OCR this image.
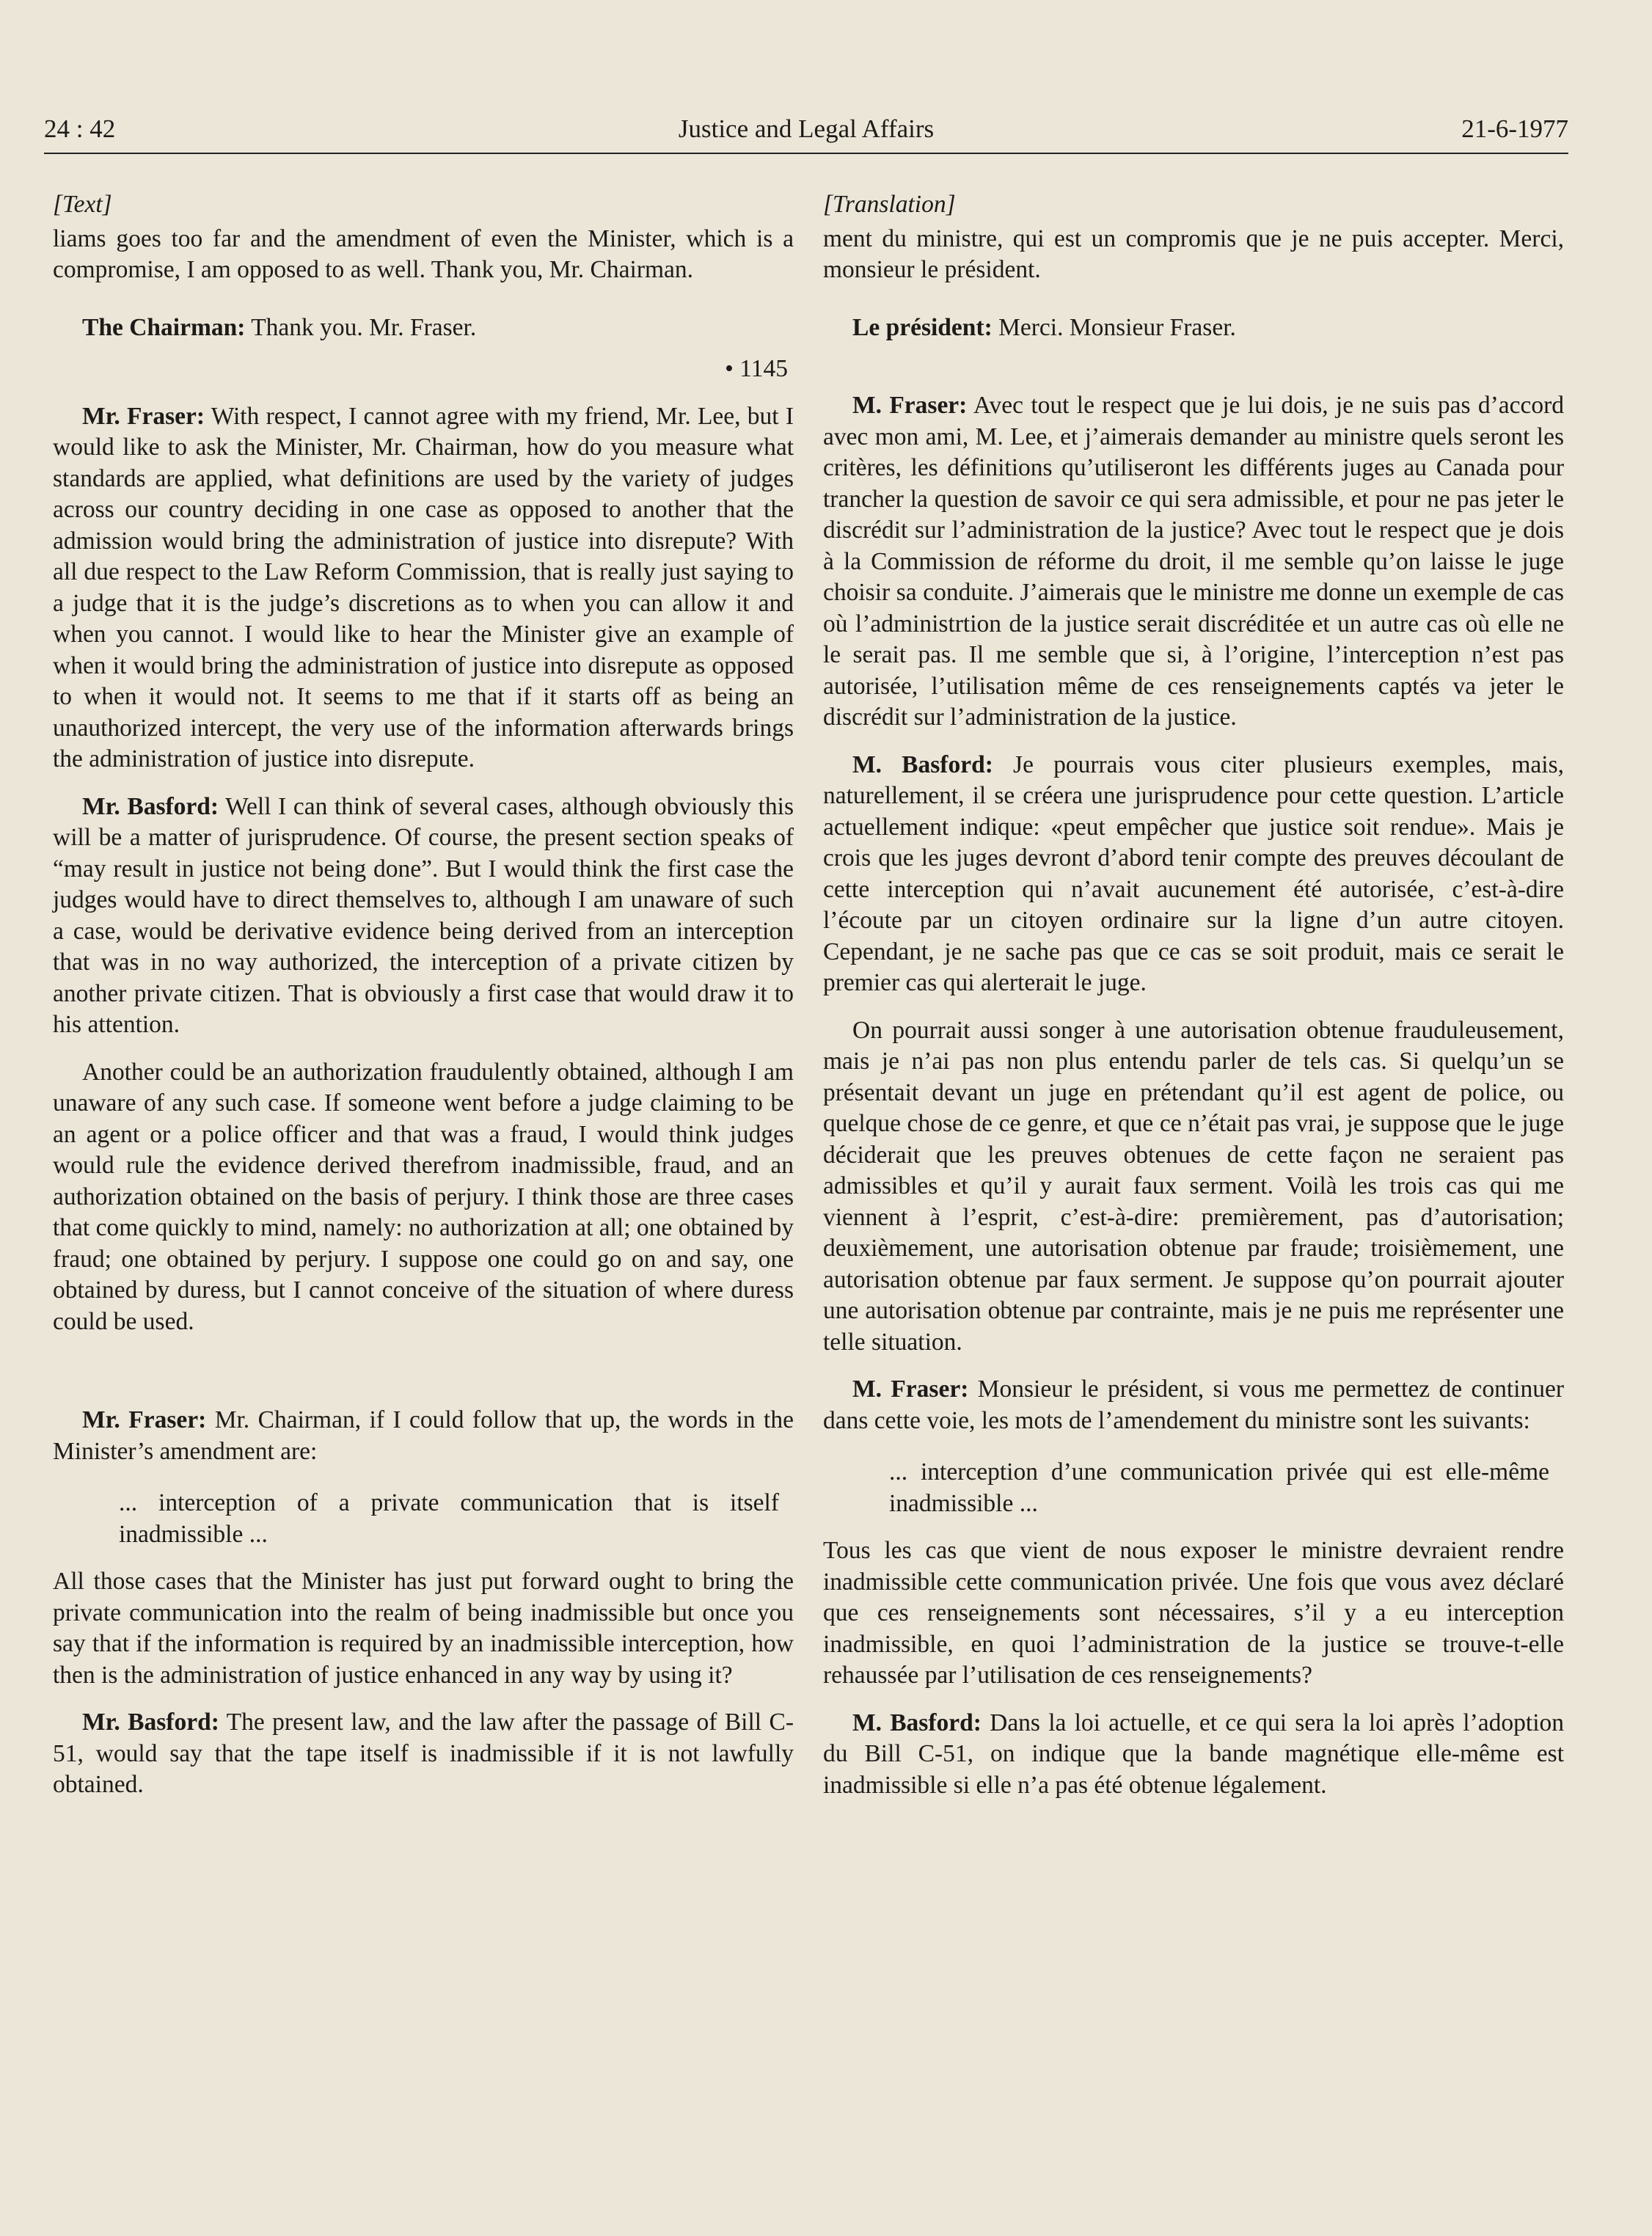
24 : 42	Justice and Legal Affairs	21-6-1977

[Text]

liams goes too far and the amendment of even the Minister, which is a compromise, I am opposed to as well. Thank you, Mr. Chairman.

The Chairman: Thank you. Mr. Fraser.

• 1145

Mr. Fraser: With respect, I cannot agree with my friend, Mr. Lee, but I would like to ask the Minister, Mr. Chairman, how do you measure what standards are applied, what definitions are used by the variety of judges across our country deciding in one case as opposed to another that the admission would bring the administration of justice into disrepute? With all due respect to the Law Reform Commission, that is really just saying to a judge that it is the judge’s discretions as to when you can allow it and when you cannot. I would like to hear the Minister give an example of when it would bring the administration of justice into disrepute as opposed to when it would not. It seems to me that if it starts off as being an unauthorized intercept, the very use of the information afterwards brings the administration of justice into disrepute.

Mr. Basford: Well I can think of several cases, although obviously this will be a matter of jurisprudence. Of course, the present section speaks of “may result in justice not being done”. But I would think the first case the judges would have to direct themselves to, although I am unaware of such a case, would be derivative evidence being derived from an interception that was in no way authorized, the interception of a private citizen by another private citizen. That is obviously a first case that would draw it to his attention.

Another could be an authorization fraudulently obtained, although I am unaware of any such case. If someone went before a judge claiming to be an agent or a police officer and that was a fraud, I would think judges would rule the evidence derived therefrom inadmissible, fraud, and an authorization obtained on the basis of perjury. I think those are three cases that come quickly to mind, namely: no authorization at all; one obtained by fraud; one obtained by perjury. I suppose one could go on and say, one obtained by duress, but I cannot conceive of the situation of where duress could be used.

Mr. Fraser: Mr. Chairman, if I could follow that up, the words in the Minister’s amendment are:

... interception of a private communication that is itself inadmissible ...

All those cases that the Minister has just put forward ought to bring the private communication into the realm of being inadmissible but once you say that if the information is required by an inadmissible interception, how then is the administration of justice enhanced in any way by using it?

Mr. Basford: The present law, and the law after the passage of Bill C-51, would say that the tape itself is inadmissible if it is not lawfully obtained.

[Translation]

ment du ministre, qui est un compromis que je ne puis accepter. Merci, monsieur le président.

Le président: Merci. Monsieur Fraser.

M. Fraser: Avec tout le respect que je lui dois, je ne suis pas d’accord avec mon ami, M. Lee, et j’aimerais demander au ministre quels seront les critères, les définitions qu’utiliseront les différents juges au Canada pour trancher la question de savoir ce qui sera admissible, et pour ne pas jeter le discrédit sur l’administration de la justice? Avec tout le respect que je dois à la Commission de réforme du droit, il me semble qu’on laisse le juge choisir sa conduite. J’aimerais que le ministre me donne un exemple de cas où l’administrtion de la justice serait discréditée et un autre cas où elle ne le serait pas. Il me semble que si, à l’origine, l’interception n’est pas autorisée, l’utilisation même de ces renseignements captés va jeter le discrédit sur l’administration de la justice.

M. Basford: Je pourrais vous citer plusieurs exemples, mais, naturellement, il se créera une jurisprudence pour cette question. L’article actuellement indique: «peut empêcher que justice soit rendue». Mais je crois que les juges devront d’abord tenir compte des preuves découlant de cette interception qui n’avait aucunement été autorisée, c’est-à-dire l’écoute par un citoyen ordinaire sur la ligne d’un autre citoyen. Cependant, je ne sache pas que ce cas se soit produit, mais ce serait le premier cas qui alerterait le juge.

On pourrait aussi songer à une autorisation obtenue frauduleusement, mais je n’ai pas non plus entendu parler de tels cas. Si quelqu’un se présentait devant un juge en prétendant qu’il est agent de police, ou quelque chose de ce genre, et que ce n’était pas vrai, je suppose que le juge déciderait que les preuves obtenues de cette façon ne seraient pas admissibles et qu’il y aurait faux serment. Voilà les trois cas qui me viennent à l’esprit, c’est-à-dire: premièrement, pas d’autorisation; deuxièmement, une autorisation obtenue par fraude; troisièmement, une autorisation obtenue par faux serment. Je suppose qu’on pourrait ajouter une autorisation obtenue par contrainte, mais je ne puis me représenter une telle situation.

M. Fraser: Monsieur le président, si vous me permettez de continuer dans cette voie, les mots de l’amendement du ministre sont les suivants:

... interception d’une communication privée qui est elle-même inadmissible ...

Tous les cas que vient de nous exposer le ministre devraient rendre inadmissible cette communication privée. Une fois que vous avez déclaré que ces renseignements sont nécessaires, s’il y a eu interception inadmissible, en quoi l’administration de la justice se trouve-t-elle rehaussée par l’utilisation de ces renseignements?

M. Basford: Dans la loi actuelle, et ce qui sera la loi après l’adoption du Bill C-51, on indique que la bande magnétique elle-même est inadmissible si elle n’a pas été obtenue légalement.
